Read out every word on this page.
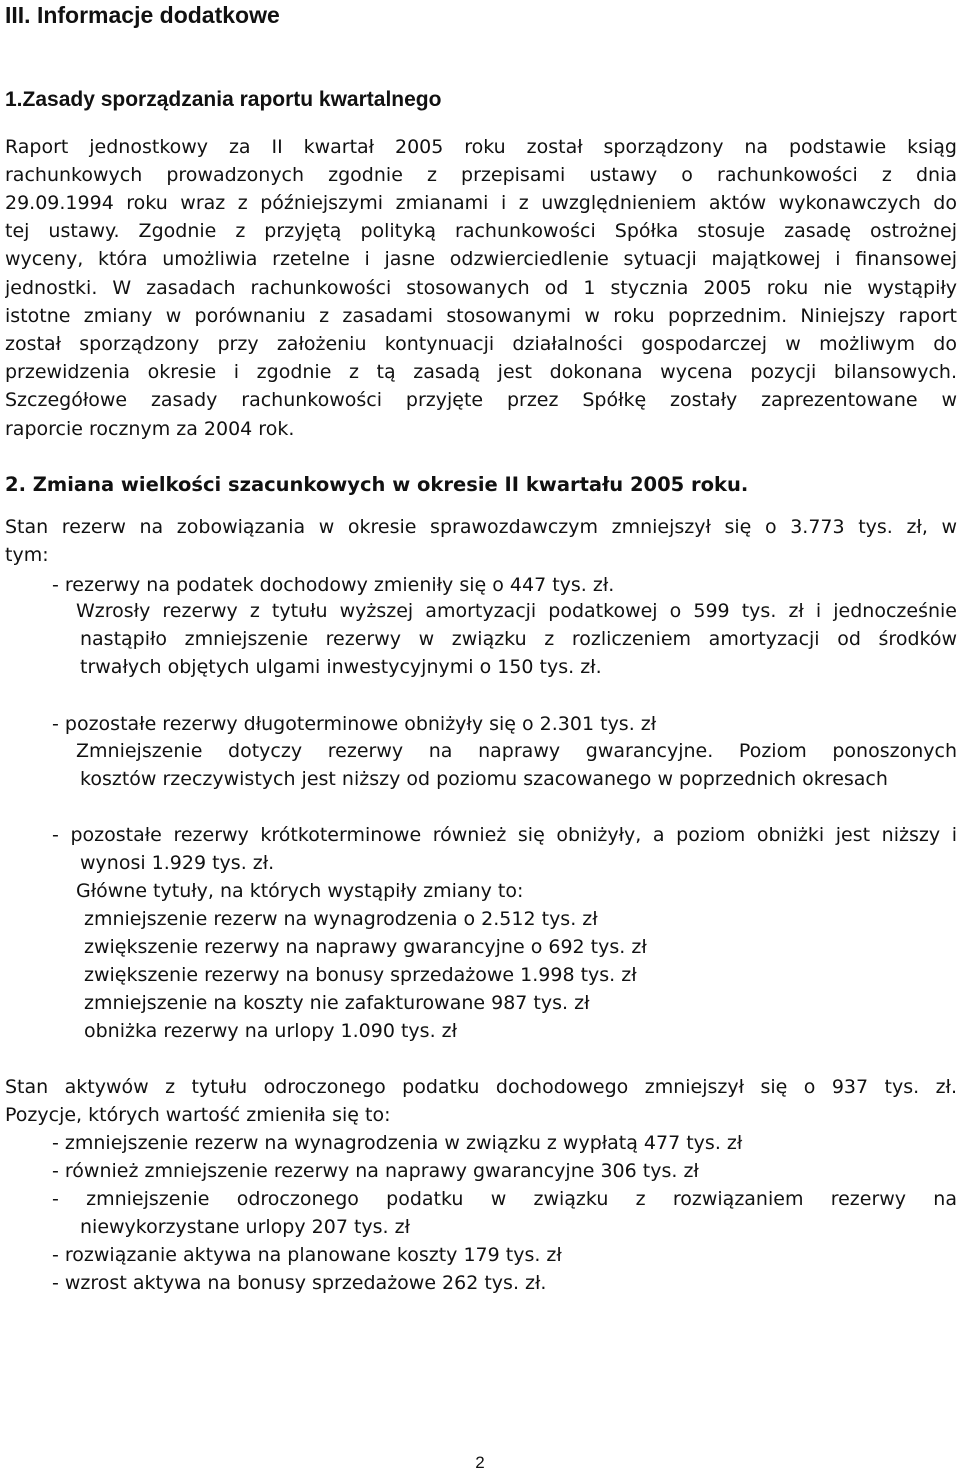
III. Informacje dodatkowe
1.Zasady sporządzania raportu kwartalnego
Raport jednostkowy za II kwartał 2005 roku został sporządzony na podstawie ksiąg
rachunkowych prowadzonych zgodnie z przepisami ustawy o rachunkowości z dnia
29.09.1994 roku wraz z późniejszymi zmianami i z uwzględnieniem aktów wykonawczych do
tej ustawy. Zgodnie z przyjętą polityką rachunkowości Spółka stosuje zasadę ostrożnej
wyceny, która umożliwia rzetelne i jasne odzwierciedlenie sytuacji majątkowej i finansowej
jednostki. W zasadach rachunkowości stosowanych od 1 stycznia 2005 roku nie wystąpiły
istotne zmiany w porównaniu z zasadami stosowanymi w roku poprzednim. Niniejszy raport
został sporządzony przy założeniu kontynuacji działalności gospodarczej w możliwym do
przewidzenia okresie i zgodnie z tą zasadą jest dokonana wycena pozycji bilansowych.
Szczegółowe zasady rachunkowości przyjęte przez Spółkę zostały zaprezentowane w
raporcie rocznym za 2004 rok.
2. Zmiana wielkości szacunkowych w okresie II kwartału 2005 roku.
Stan rezerw na zobowiązania w okresie sprawozdawczym zmniejszył się o 3.773 tys. zł, w
tym:
- rezerwy na podatek dochodowy zmieniły się o 447 tys. zł.
Wzrosły rezerwy z tytułu wyższej amortyzacji podatkowej o 599 tys. zł i jednocześnie
nastąpiło zmniejszenie rezerwy w związku z rozliczeniem amortyzacji od środków
trwałych objętych ulgami inwestycyjnymi o 150 tys. zł.
- pozostałe rezerwy długoterminowe obniżyły się o 2.301 tys. zł
Zmniejszenie dotyczy rezerwy na naprawy gwarancyjne. Poziom ponoszonych
kosztów rzeczywistych jest niższy od poziomu szacowanego w poprzednich okresach
- pozostałe rezerwy krótkoterminowe również się obniżyły, a poziom obniżki jest niższy i
wynosi 1.929 tys. zł.
Główne tytuły, na których wystąpiły zmiany to:
zmniejszenie rezerw na wynagrodzenia o 2.512 tys. zł
zwiększenie rezerwy na naprawy gwarancyjne o 692 tys. zł
zwiększenie rezerwy na bonusy sprzedażowe 1.998 tys. zł
zmniejszenie na koszty nie zafakturowane 987 tys. zł
obniżka rezerwy na urlopy 1.090 tys. zł
Stan aktywów z tytułu odroczonego podatku dochodowego zmniejszył się o 937 tys. zł.
Pozycje, których wartość zmieniła się to:
- zmniejszenie rezerw na wynagrodzenia w związku z wypłatą 477 tys. zł
- również zmniejszenie rezerwy na naprawy gwarancyjne 306 tys. zł
- zmniejszenie odroczonego podatku w związku z rozwiązaniem rezerwy na
niewykorzystane urlopy 207 tys. zł
- rozwiązanie aktywa na planowane koszty 179 tys. zł
- wzrost aktywa na bonusy sprzedażowe 262 tys. zł.
2
